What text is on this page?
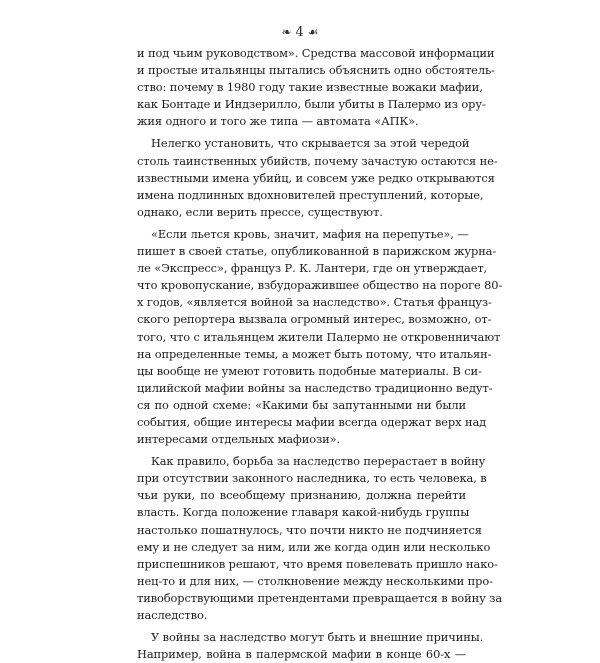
❧ 4 ☙
и под чьим руководством». Средства массовой информации
и простые итальянцы пытались объяснить одно обстоятель-
ство: почему в 1980 году такие известные вожаки мафии,
как Бонтаде и Индзерилло, были убиты в Палермо из ору-
жия одного и того же типа — автомата «АПК».
Нелегко установить, что скрывается за этой чередой
столь таинственных убийств, почему зачастую остаются не-
известными имена убийц, и совсем уже редко открываются
имена подлинных вдохновителей преступлений, которые,
однако, если верить прессе, существуют.
«Если льется кровь, значит, мафия на перепутье», —
пишет в своей статье, опубликованной в парижском журна-
ле «Экспресс», француз Р. К. Лантери, где он утверждает,
что кровопускание, взбудоражившее общество на пороге 80-
х годов, «является войной за наследство». Статья француз-
ского репортера вызвала огромный интерес, возможно, от-
того, что с итальянцем жители Палермо не откровенничают
на определенные темы, а может быть потому, что итальян-
цы вообще не умеют готовить подобные материалы. В си-
цилийской мафии войны за наследство традиционно ведут-
ся по одной схеме: «Какими бы запутанными ни были
события, общие интересы мафии всегда одержат верх над
интересами отдельных мафиози».
Как правило, борьба за наследство перерастает в войну
при отсутствии законного наследника, то есть человека, в
чьи руки, по всеобщему признанию, должна перейти
власть. Когда положение главаря какой-нибудь группы
настолько пошатнулось, что почти никто не подчиняется
ему и не следует за ним, или же когда один или несколько
приспешников решают, что время повелевать пришло нако-
нец-то и для них, — столкновение между несколькими про-
тивоборствующими претендентами превращается в войну за
наследство.
У войны за наследство могут быть и внешние причины.
Например, война в палермской мафии в конце 60-х —
